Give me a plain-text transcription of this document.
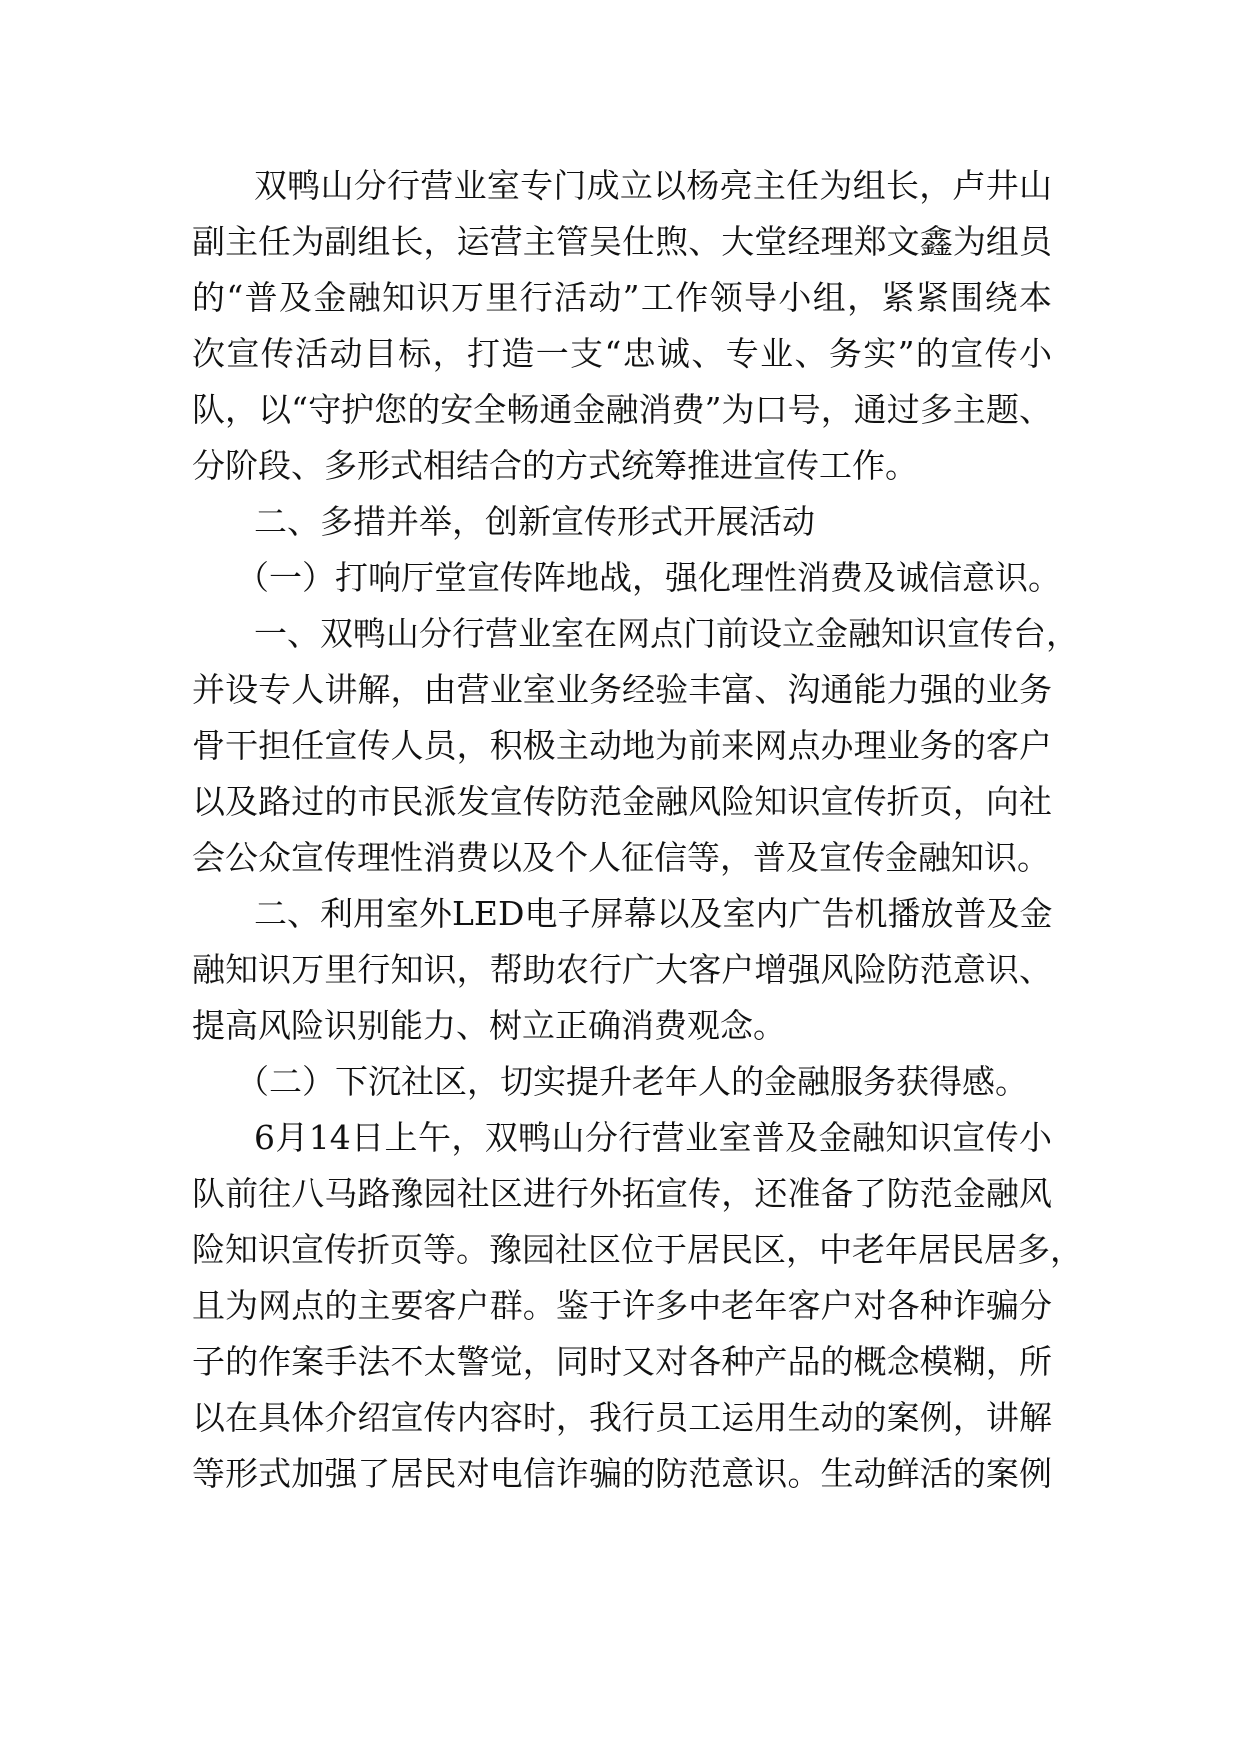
双鸭山分行营业室专门成立以杨亮主任为组长，卢井山
副主任为副组长，运营主管吴仕煦、大堂经理郑文鑫为组员
的“普及金融知识万里行活动”工作领导小组，紧紧围绕本
次宣传活动目标，打造一支“忠诚、专业、务实”的宣传小
队，以“守护您的安全畅通金融消费”为口号，通过多主题、
分阶段、多形式相结合的方式统筹推进宣传工作。
二、多措并举，创新宣传形式开展活动
（一）打响厅堂宣传阵地战，强化理性消费及诚信意识。
一、双鸭山分行营业室在网点门前设立金融知识宣传台，
并设专人讲解，由营业室业务经验丰富、沟通能力强的业务
骨干担任宣传人员，积极主动地为前来网点办理业务的客户
以及路过的市民派发宣传防范金融风险知识宣传折页，向社
会公众宣传理性消费以及个人征信等，普及宣传金融知识。
二、利用室外LED电子屏幕以及室内广告机播放普及金
融知识万里行知识，帮助农行广大客户增强风险防范意识、
提高风险识别能力、树立正确消费观念。
（二）下沉社区，切实提升老年人的金融服务获得感。
6月14日上午，双鸭山分行营业室普及金融知识宣传小
队前往八马路豫园社区进行外拓宣传，还准备了防范金融风
险知识宣传折页等。豫园社区位于居民区，中老年居民居多，
且为网点的主要客户群。鉴于许多中老年客户对各种诈骗分
子的作案手法不太警觉，同时又对各种产品的概念模糊，所
以在具体介绍宣传内容时，我行员工运用生动的案例，讲解
等形式加强了居民对电信诈骗的防范意识。生动鲜活的案例
